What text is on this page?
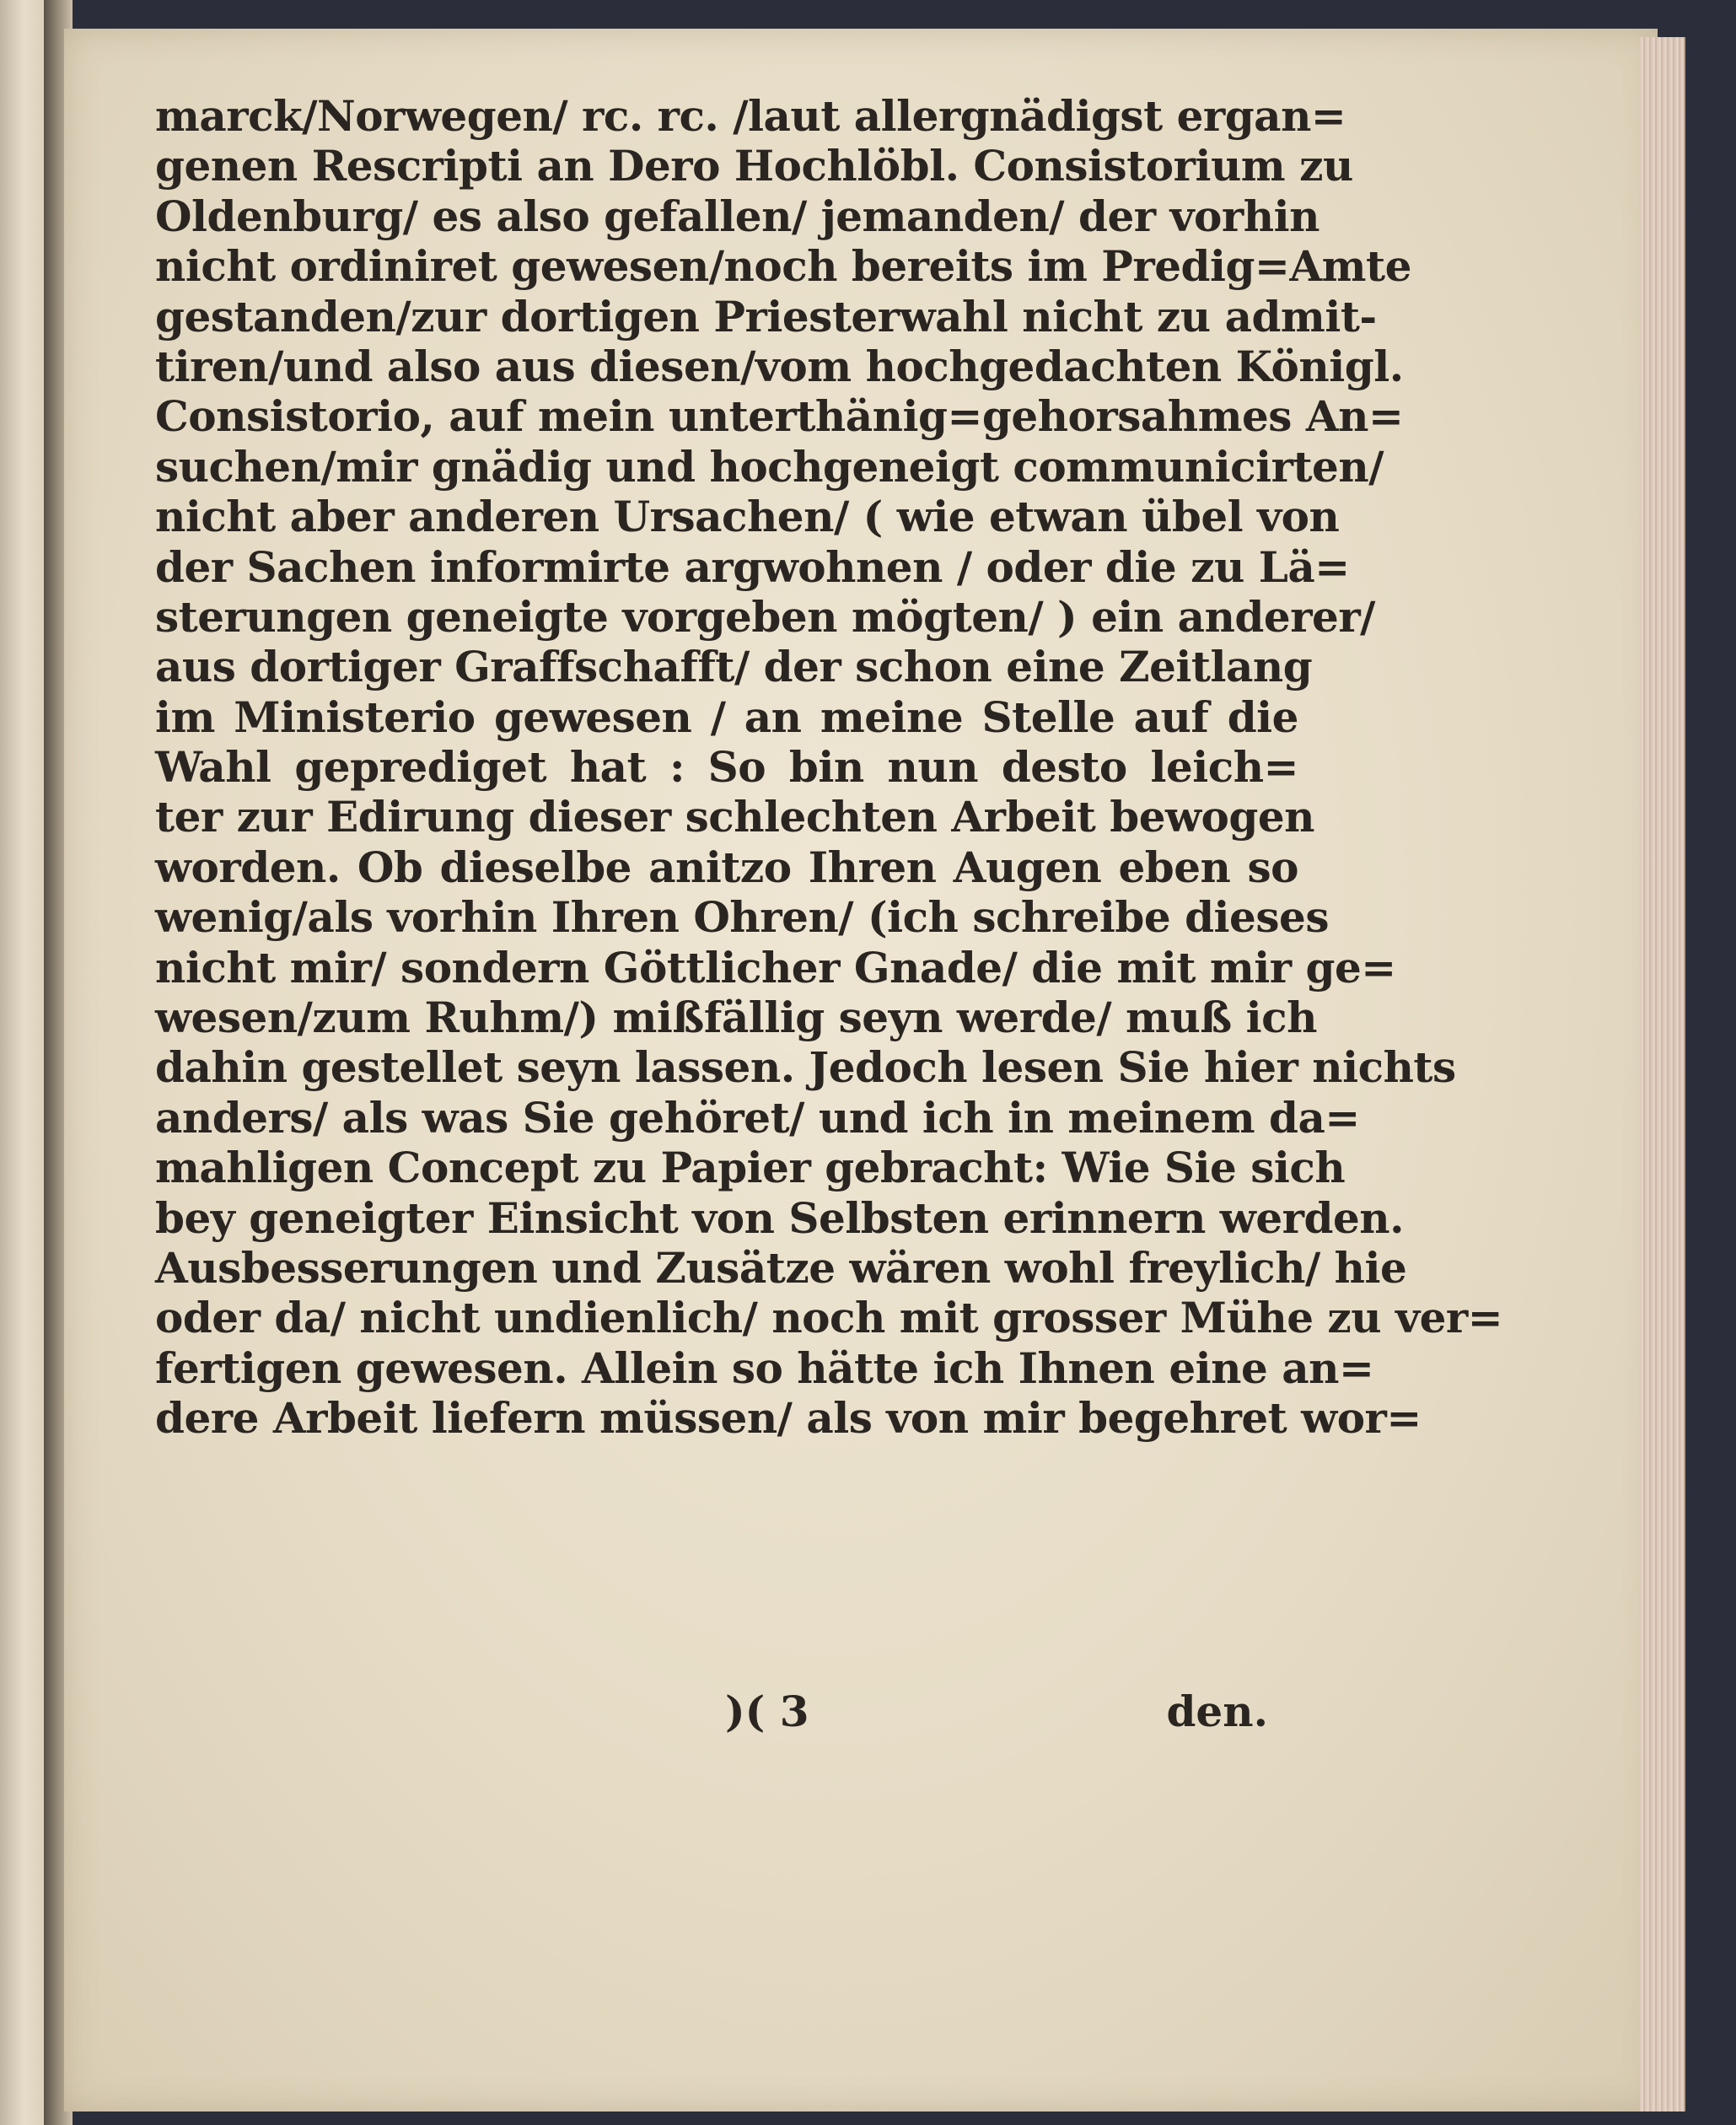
marck/Norwegen/ rc. rc. /laut allergnädigst ergan=
genen Rescripti an Dero Hochlöbl. Consistorium zu
Oldenburg/ es also gefallen/ jemanden/ der vorhin
nicht ordiniret gewesen/noch bereits im Predig=Amte
gestanden/zur dortigen Priesterwahl nicht zu admit-
tiren/und also aus diesen/vom hochgedachten Königl.
Consistorio, auf mein unterthänig=gehorsahmes An=
suchen/mir gnädig und hochgeneigt communicirten/
nicht aber anderen Ursachen/ ( wie etwan übel von
der Sachen informirte argwohnen / oder die zu Lä=
sterungen geneigte vorgeben mögten/ ) ein anderer/
aus dortiger Graffschafft/ der schon eine Zeitlang
im Ministerio gewesen / an meine Stelle auf die
Wahl geprediget hat : So bin nun desto leich=
ter zur Edirung dieser schlechten Arbeit bewogen
worden. Ob dieselbe anitzo Ihren Augen eben so
wenig/als vorhin Ihren Ohren/ (ich schreibe dieses
nicht mir/ sondern Göttlicher Gnade/ die mit mir ge=
wesen/zum Ruhm/) mißfällig seyn werde/ muß ich
dahin gestellet seyn lassen. Jedoch lesen Sie hier nichts
anders/ als was Sie gehöret/ und ich in meinem da=
mahligen Concept zu Papier gebracht: Wie Sie sich
bey geneigter Einsicht von Selbsten erinnern werden.
Ausbesserungen und Zusätze wären wohl freylich/ hie
oder da/ nicht undienlich/ noch mit grosser Mühe zu ver=
fertigen gewesen. Allein so hätte ich Ihnen eine an=
dere Arbeit liefern müssen/ als von mir begehret wor=
)( 3	den.
